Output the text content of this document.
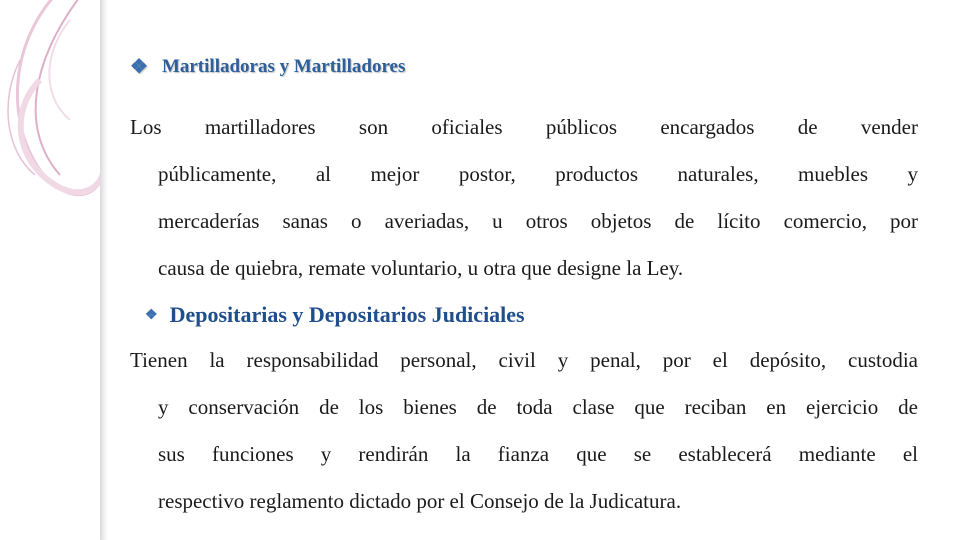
❖ Martilladoras y Martilladores
Los martilladores son oficiales públicos encargados de vender
públicamente, al mejor postor, productos naturales, muebles y
mercaderías sanas o averiadas, u otros objetos de lícito comercio, por
causa de quiebra, remate voluntario, u otra que designe la Ley.
❖ Depositarias y Depositarios Judiciales
Tienen la responsabilidad personal, civil y penal, por el depósito, custodia
y conservación de los bienes de toda clase que reciban en ejercicio de
sus funciones y rendirán la fianza que se establecerá mediante el
respectivo reglamento dictado por el Consejo de la Judicatura.
